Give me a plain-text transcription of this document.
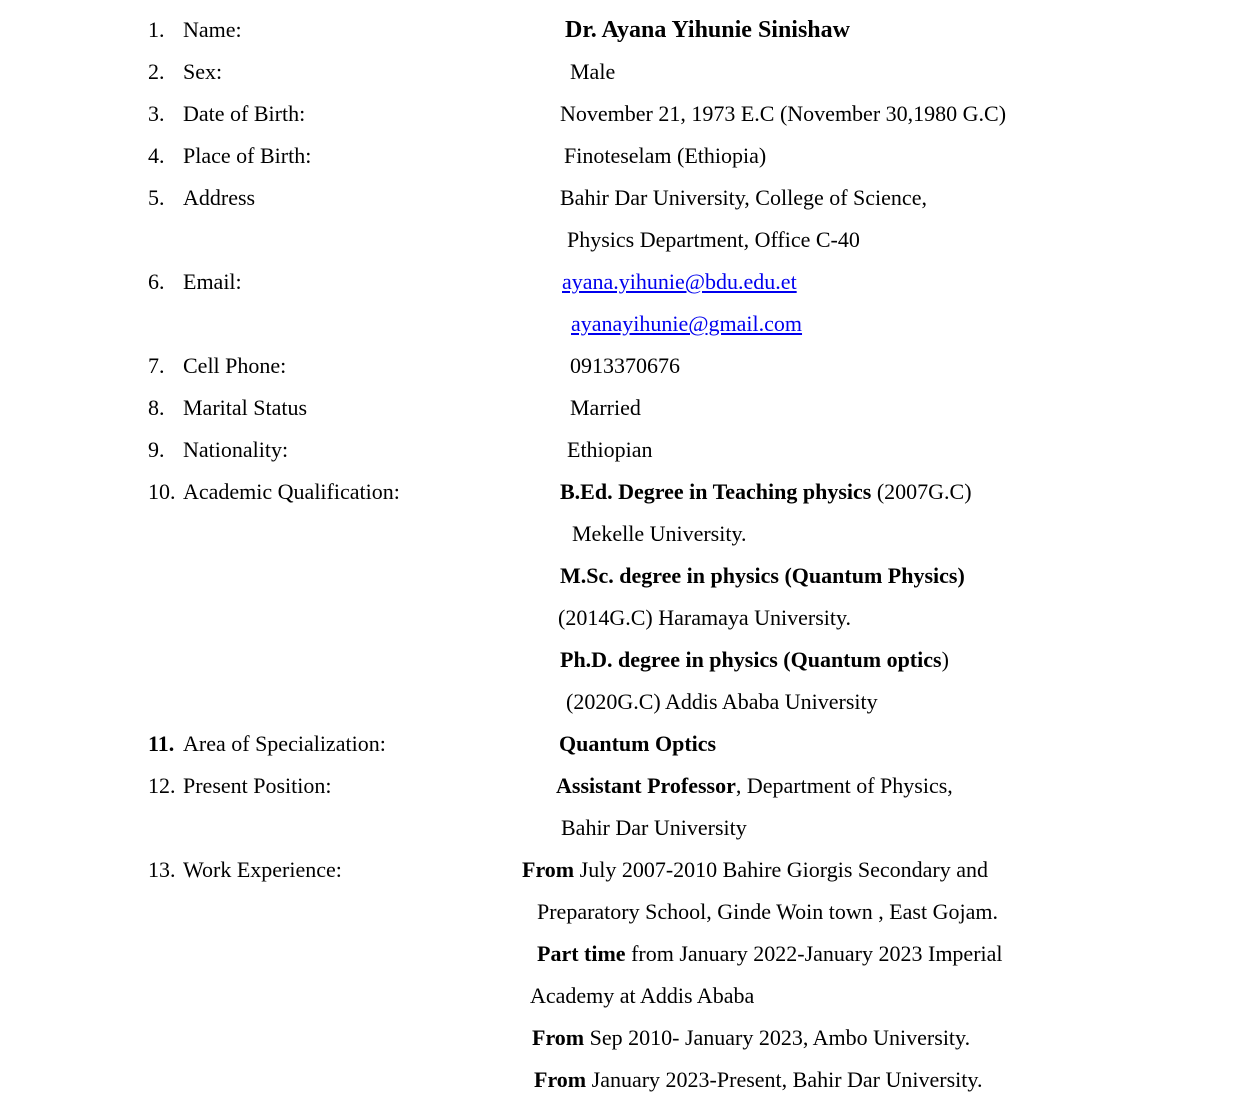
1. Name:	Dr. Ayana Yihunie Sinishaw
2. Sex:	Male
3. Date of Birth:	November 21, 1973 E.C (November 30,1980 G.C)
4. Place of Birth:	Finoteselam (Ethiopia)
5. Address	Bahir Dar University, College of Science,
Physics Department, Office C-40
6. Email:	ayana.yihunie@bdu.edu.et
ayanayihunie@gmail.com
7. Cell Phone:	0913370676
8. Marital Status	Married
9. Nationality:	Ethiopian
10. Academic Qualification:	B.Ed. Degree in Teaching physics (2007G.C)
Mekelle University.
M.Sc. degree in physics (Quantum Physics)
(2014G.C) Haramaya University.
Ph.D. degree in physics (Quantum optics)
(2020G.C) Addis Ababa University
11. Area of Specialization:	Quantum Optics
12. Present Position:	Assistant Professor, Department of Physics,
Bahir Dar University
13. Work Experience:	From July 2007-2010 Bahire Giorgis Secondary and
Preparatory School, Ginde Woin town , East Gojam.
Part time from January 2022-January 2023 Imperial
Academy at Addis Ababa
From Sep 2010- January 2023, Ambo University.
From January 2023-Present, Bahir Dar University.
